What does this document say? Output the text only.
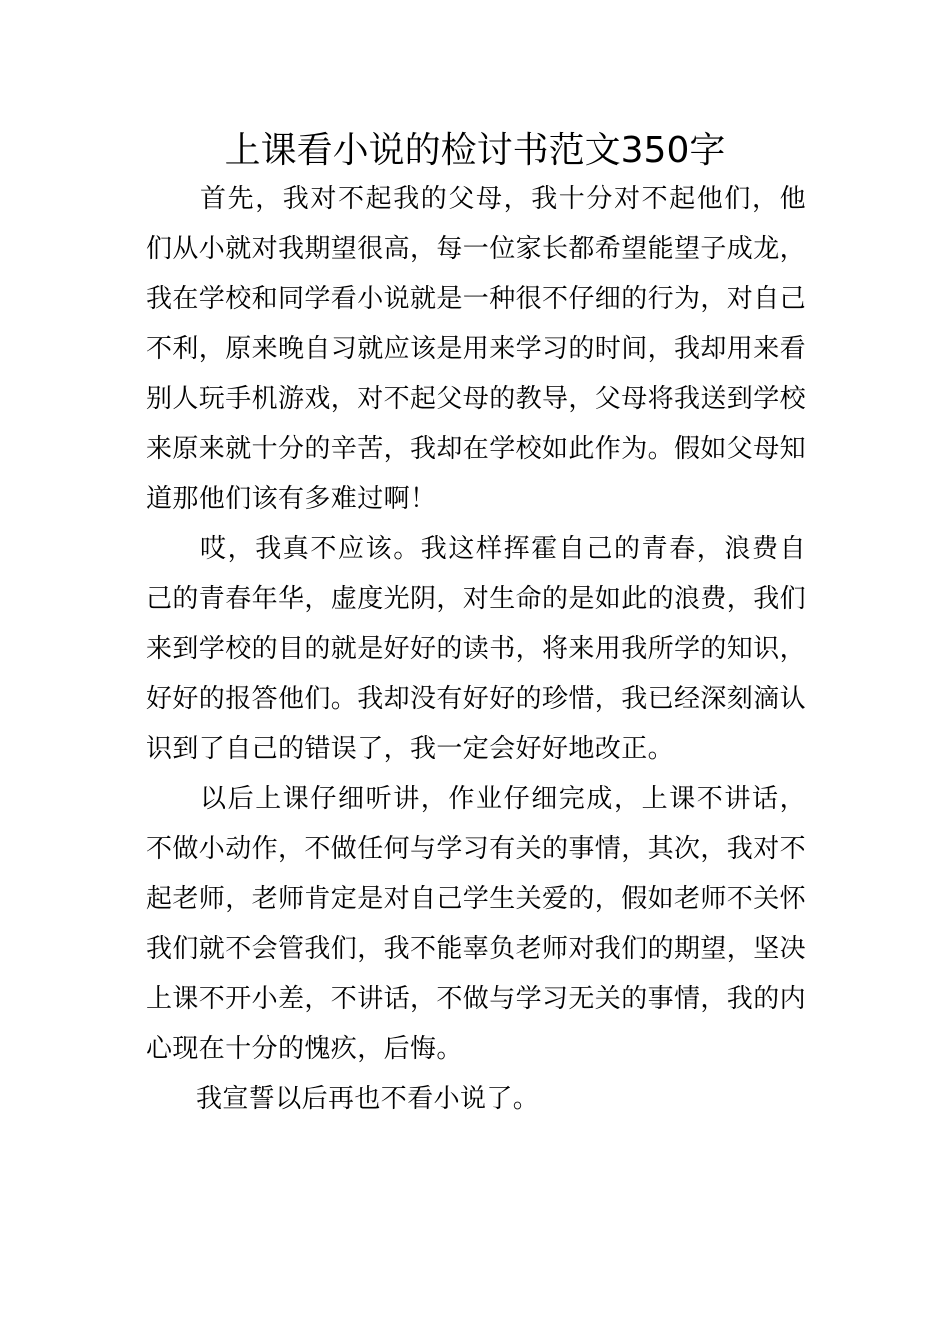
上课看小说的检讨书范文350字

首先，我对不起我的父母，我十分对不起他们，他们从小就对我期望很高，每一位家长都希望能望子成龙，我在学校和同学看小说就是一种很不仔细的行为，对自己不利，原来晚自习就应该是用来学习的时间，我却用来看别人玩手机游戏，对不起父母的教导，父母将我送到学校来原来就十分的辛苦，我却在学校如此作为。假如父母知道那他们该有多难过啊！

哎，我真不应该。我这样挥霍自己的青春，浪费自己的青春年华，虚度光阴，对生命的是如此的浪费，我们来到学校的目的就是好好的读书，将来用我所学的知识，好好的报答他们。我却没有好好的珍惜，我已经深刻滴认识到了自己的错误了，我一定会好好地改正。

以后上课仔细听讲，作业仔细完成，上课不讲话，不做小动作，不做任何与学习有关的事情，其次，我对不起老师，老师肯定是对自己学生关爱的，假如老师不关怀我们就不会管我们，我不能辜负老师对我们的期望，坚决上课不开小差，不讲话，不做与学习无关的事情，我的内心现在十分的愧疚，后悔。

我宣誓以后再也不看小说了。
